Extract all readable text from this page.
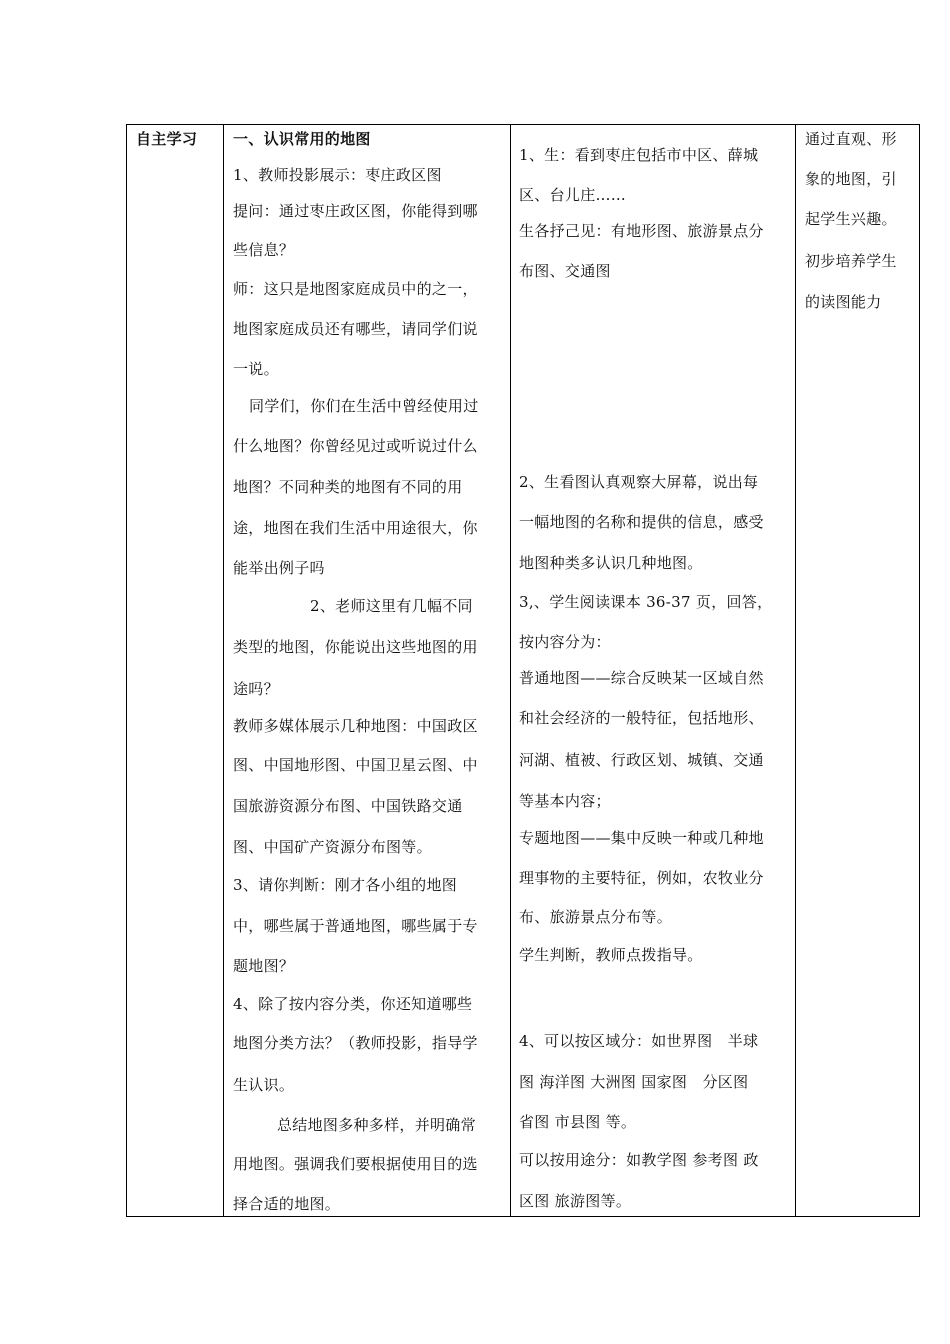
自主学习 一、认识常用的地图
1、教师投影展示：枣庄政区图
提问：通过枣庄政区图，你能得到哪
些信息？
师：这只是地图家庭成员中的之一，
地图家庭成员还有哪些，请同学们说
一说。
同学们，你们在生活中曾经使用过
什么地图？你曾经见过或听说过什么
地图？不同种类的地图有不同的用
途，地图在我们生活中用途很大，你
能举出例子吗
2、老师这里有几幅不同
类型的地图，你能说出这些地图的用
途吗？
教师多媒体展示几种地图：中国政区
图、中国地形图、中国卫星云图、中
国旅游资源分布图、中国铁路交通
图、中国矿产资源分布图等。
3、请你判断：刚才各小组的地图
中，哪些属于普通地图，哪些属于专
题地图？
4、除了按内容分类，你还知道哪些
地图分类方法？（教师投影，指导学
生认识。
总结地图多种多样，并明确常
用地图。强调我们要根据使用目的选
择合适的地图。
1、生：看到枣庄包括市中区、薛城
区、台儿庄……
生各抒己见：有地形图、旅游景点分
布图、交通图
2、生看图认真观察大屏幕，说出每
一幅地图的名称和提供的信息，感受
地图种类多认识几种地图。
3,、学生阅读课本 36-37 页，回答，
按内容分为：
普通地图——综合反映某一区域自然
和社会经济的一般特征，包括地形、
河湖、植被、行政区划、城镇、交通
等基本内容；
专题地图——集中反映一种或几种地
理事物的主要特征，例如，农牧业分
布、旅游景点分布等。
学生判断，教师点拨指导。
4、可以按区域分：如世界图　半球
图 海洋图 大洲图 国家图　分区图
省图 市县图 等。
可以按用途分：如教学图 参考图 政
区图 旅游图等。
通过直观、形
象的地图，引
起学生兴趣。
初步培养学生
的读图能力
